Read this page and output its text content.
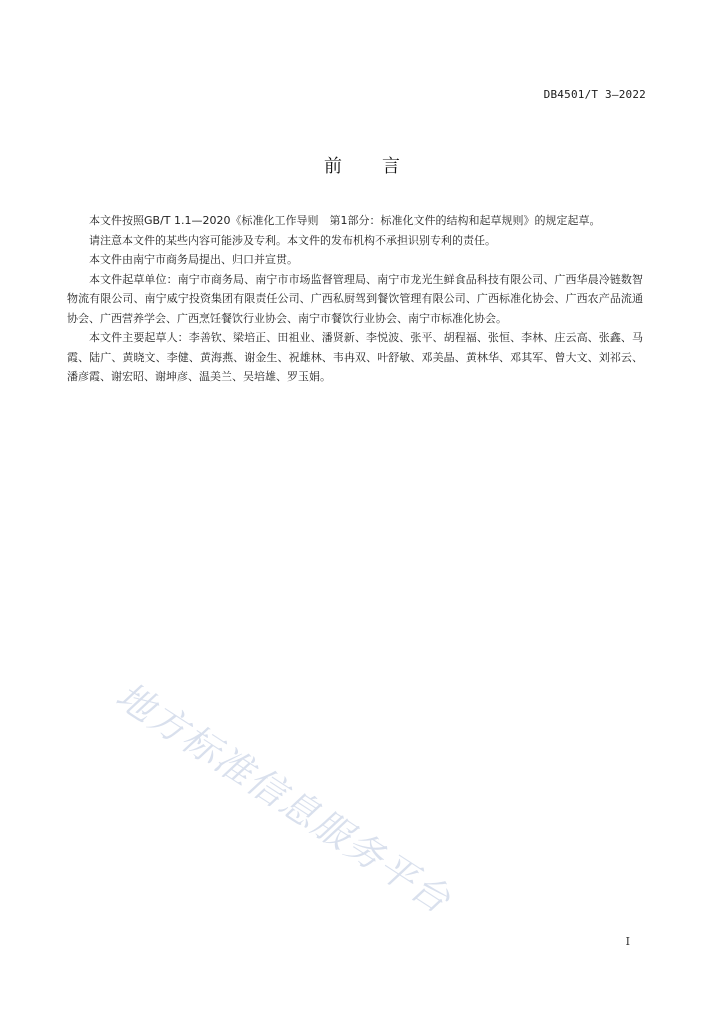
DB4501/T 3—2022
前言

本文件按照GB/T 1.1—2020《标准化工作导则　第1部分：标准化文件的结构和起草规则》的规定起草。

请注意本文件的某些内容可能涉及专利。本文件的发布机构不承担识别专利的责任。

本文件由南宁市商务局提出、归口并宣贯。

本文件起草单位：南宁市商务局、南宁市市场监督管理局、南宁市龙光生鲜食品科技有限公司、广西华晨冷链数智物流有限公司、南宁威宁投资集团有限责任公司、广西私厨驾到餐饮管理有限公司、广西标准化协会、广西农产品流通协会、广西营养学会、广西烹饪餐饮行业协会、南宁市餐饮行业协会、南宁市标准化协会。

本文件主要起草人：李善钦、梁培正、田祖业、潘贤新、李悦波、张平、胡程福、张恒、李林、庄云高、张鑫、马霞、陆广、黄晓文、李健、黄海燕、谢金生、祝雄林、韦冉双、叶舒敏、邓美晶、黄林华、邓其军、曾大文、刘祁云、潘彦霞、谢宏昭、谢坤彦、温美兰、吴培雄、罗玉娟。

地方标准信息服务平台
I
